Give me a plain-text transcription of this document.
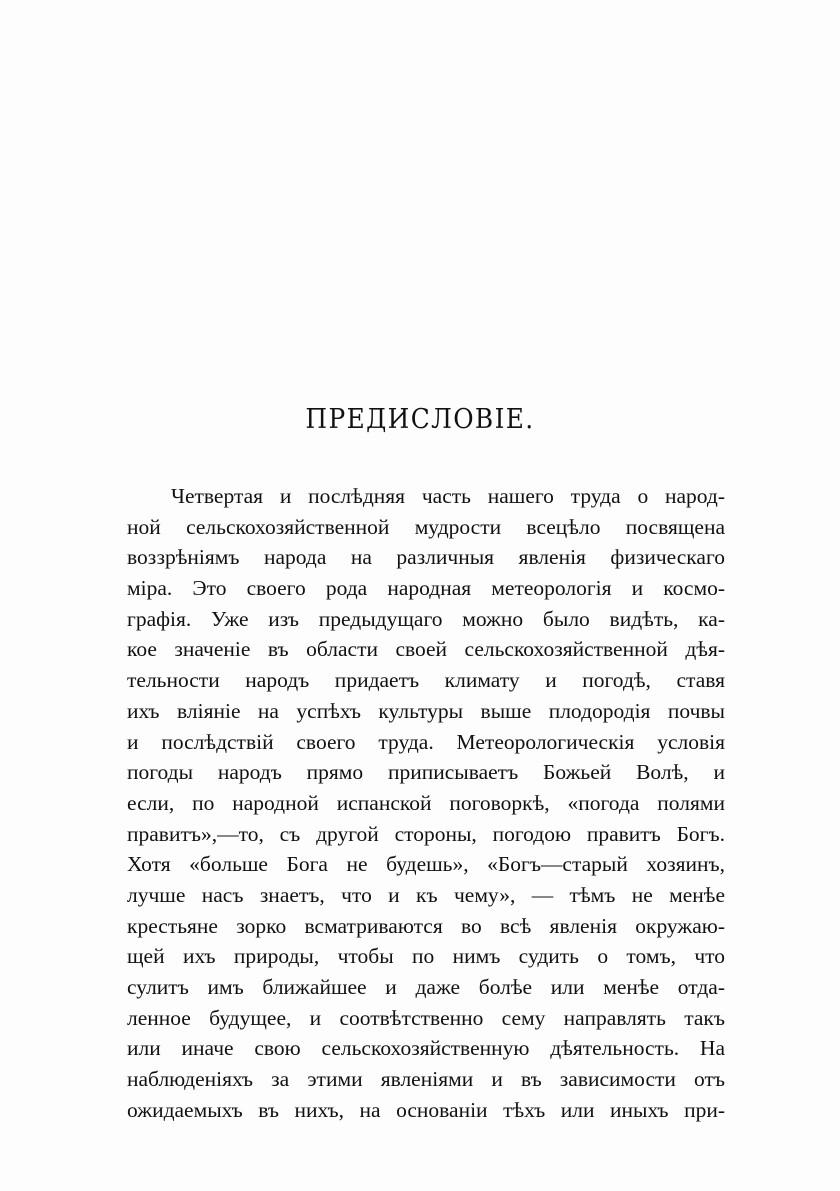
ПРЕДИСЛОВІЕ.
Четвертая и послѣдняя часть нашего труда о народ-
ной сельскохозяйственной мудрости всецѣло посвящена
воззрѣніямъ народа на различныя явленія физическаго
міра. Это своего рода народная метеорологія и космо-
графія. Уже изъ предыдущаго можно было видѣть, ка-
кое значеніе въ области своей сельскохозяйственной дѣя-
тельности народъ придаетъ климату и погодѣ, ставя
ихъ вліяніе на успѣхъ культуры выше плодородія почвы
и послѣдствій своего труда. Метеорологическія условія
погоды народъ прямо приписываетъ Божьей Волѣ, и
если, по народной испанской поговоркѣ, «погода полями
правитъ»,—то, съ другой стороны, погодою правитъ Богъ.
Хотя «больше Бога не будешь», «Богъ—старый хозяинъ,
лучше насъ знаетъ, что и къ чему», — тѣмъ не менѣе
крестьяне зорко всматриваются во всѣ явленія окружаю-
щей ихъ природы, чтобы по нимъ судить о томъ, что
сулитъ имъ ближайшее и даже болѣе или менѣе отда-
ленное будущее, и соотвѣтственно сему направлять такъ
или иначе свою сельскохозяйственную дѣятельность. На
наблюденіяхъ за этими явленіями и въ зависимости отъ
ожидаемыхъ въ нихъ, на основаніи тѣхъ или иныхъ при-
